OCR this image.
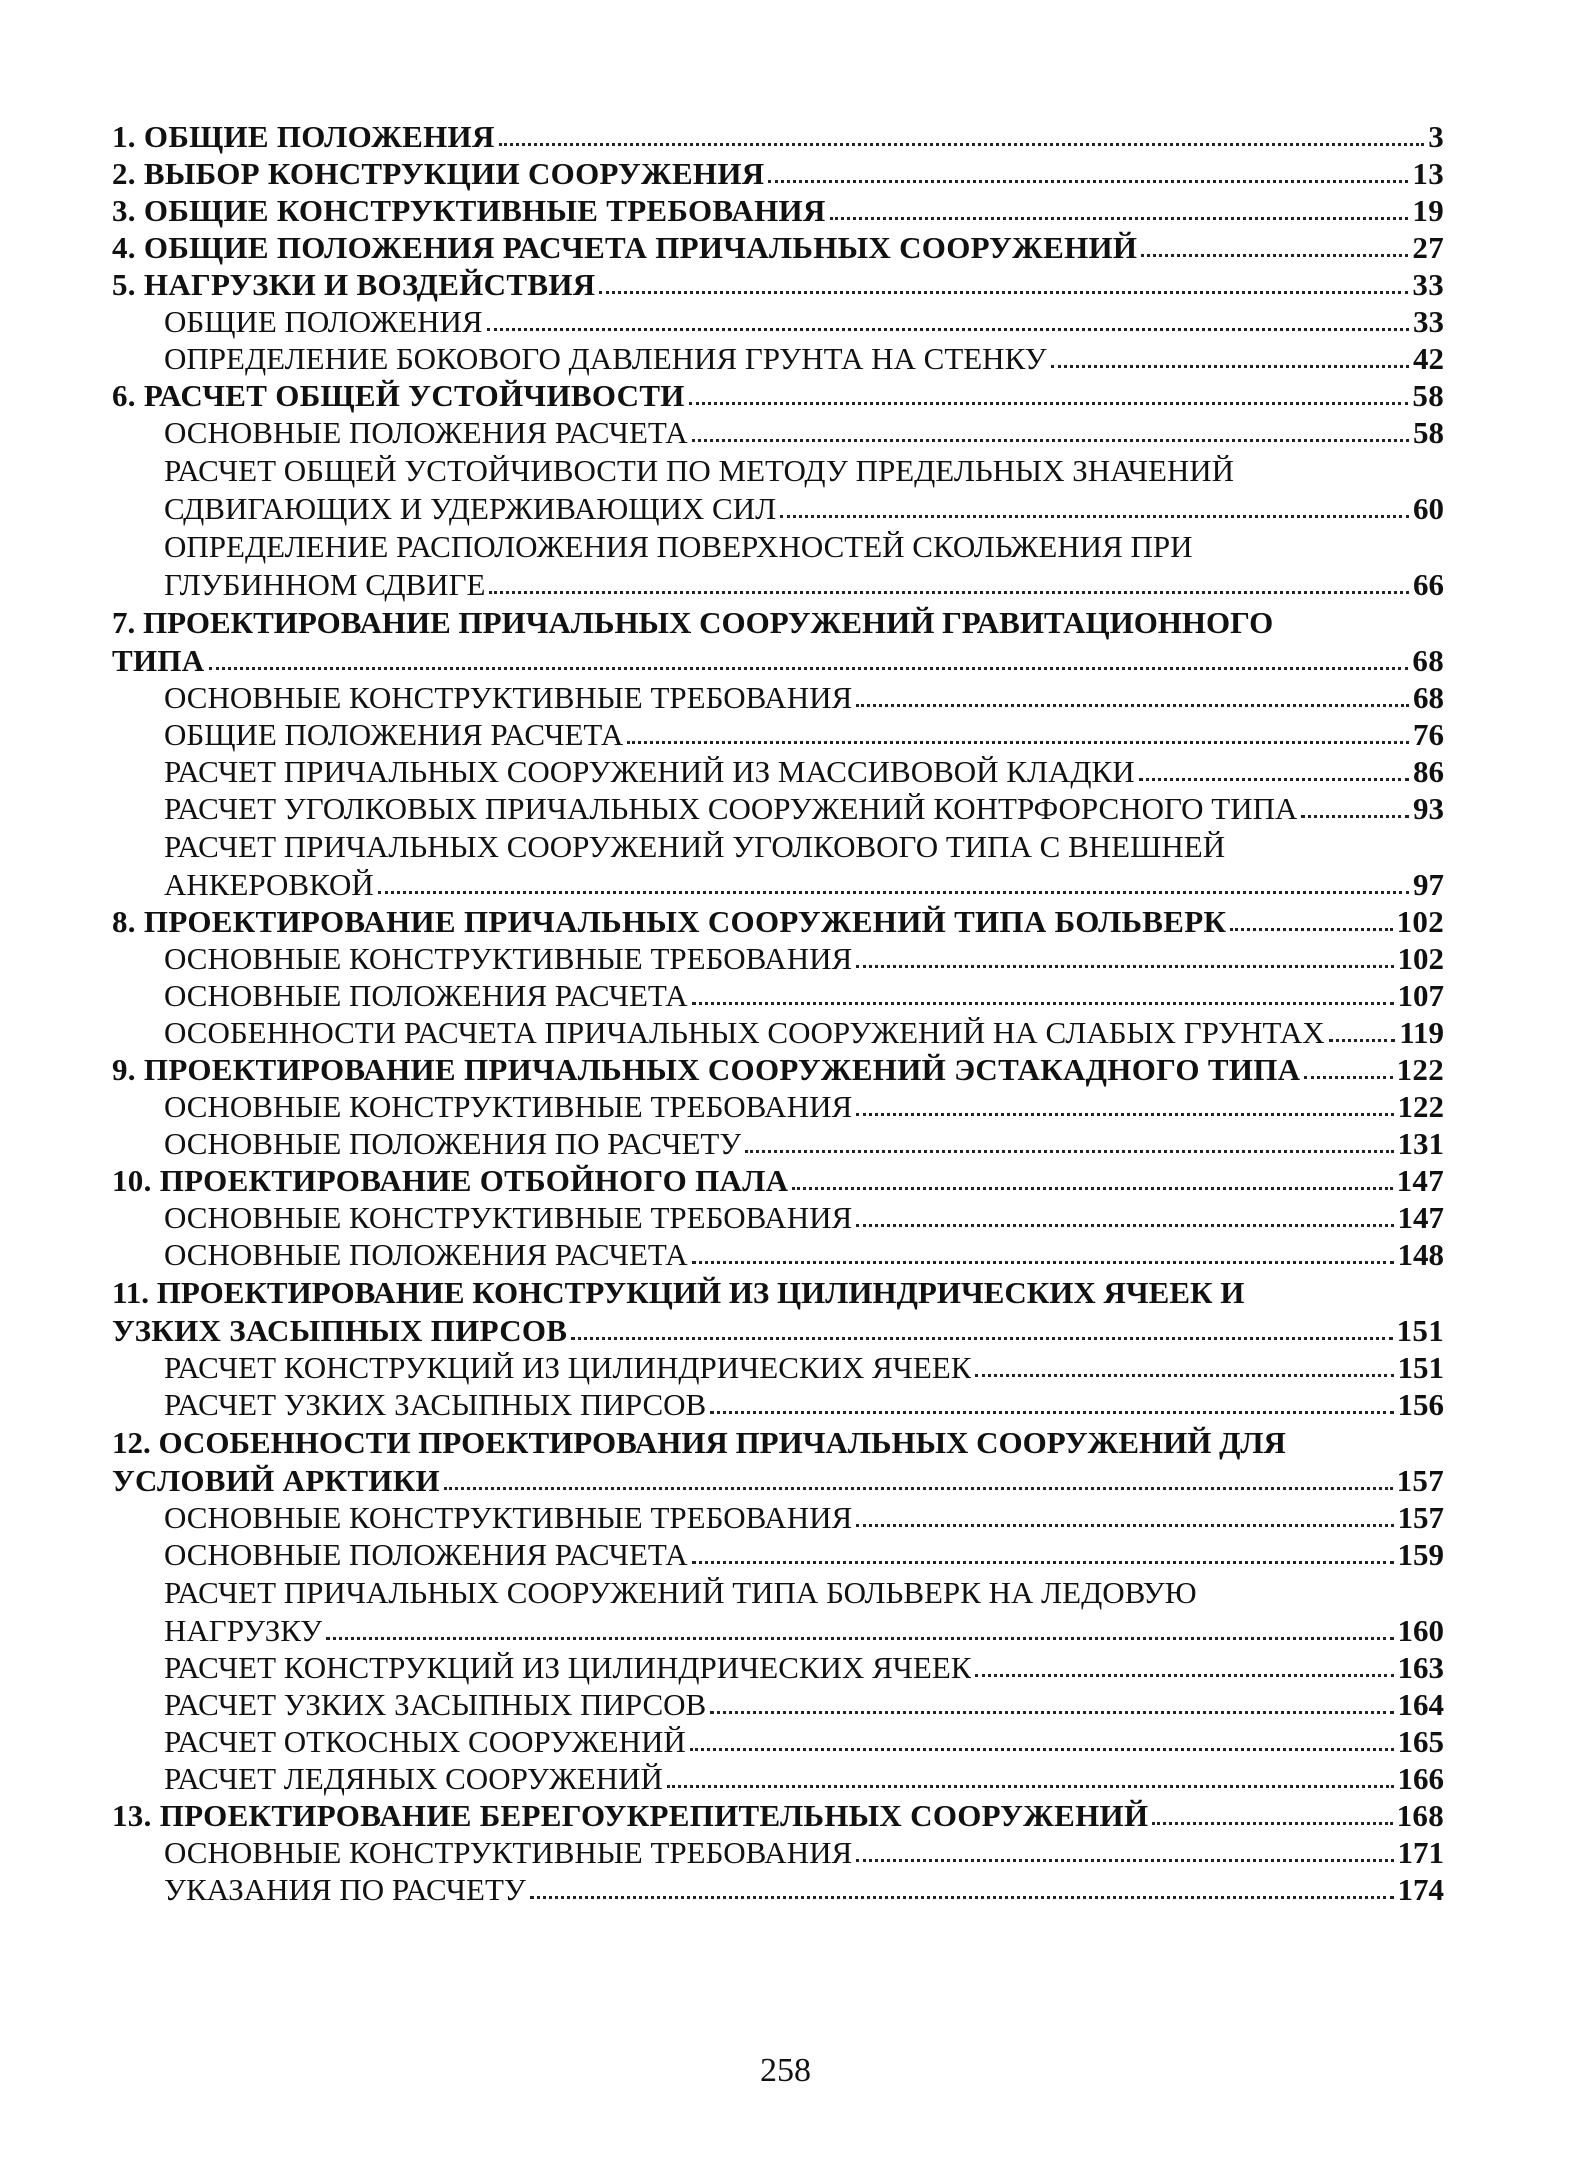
1. ОБЩИЕ ПОЛОЖЕНИЯ	3
2. ВЫБОР КОНСТРУКЦИИ СООРУЖЕНИЯ	13
3. ОБЩИЕ КОНСТРУКТИВНЫЕ ТРЕБОВАНИЯ	19
4. ОБЩИЕ ПОЛОЖЕНИЯ РАСЧЕТА ПРИЧАЛЬНЫХ СООРУЖЕНИЙ	27
5. НАГРУЗКИ И ВОЗДЕЙСТВИЯ	33
ОБЩИЕ ПОЛОЖЕНИЯ	33
ОПРЕДЕЛЕНИЕ БОКОВОГО ДАВЛЕНИЯ ГРУНТА НА СТЕНКУ	42
6. РАСЧЕТ ОБЩЕЙ УСТОЙЧИВОСТИ	58
ОСНОВНЫЕ ПОЛОЖЕНИЯ РАСЧЕТА	58
РАСЧЕТ ОБЩЕЙ УСТОЙЧИВОСТИ ПО МЕТОДУ ПРЕДЕЛЬНЫХ ЗНАЧЕНИЙ
СДВИГАЮЩИХ И УДЕРЖИВАЮЩИХ СИЛ	60
ОПРЕДЕЛЕНИЕ РАСПОЛОЖЕНИЯ ПОВЕРХНОСТЕЙ СКОЛЬЖЕНИЯ ПРИ
ГЛУБИННОМ СДВИГЕ	66
7. ПРОЕКТИРОВАНИЕ ПРИЧАЛЬНЫХ СООРУЖЕНИЙ ГРАВИТАЦИОННОГО
ТИПА	68
ОСНОВНЫЕ КОНСТРУКТИВНЫЕ ТРЕБОВАНИЯ	68
ОБЩИЕ ПОЛОЖЕНИЯ РАСЧЕТА	76
РАСЧЕТ ПРИЧАЛЬНЫХ СООРУЖЕНИЙ ИЗ МАССИВОВОЙ КЛАДКИ	86
РАСЧЕТ УГОЛКОВЫХ ПРИЧАЛЬНЫХ СООРУЖЕНИЙ КОНТРФОРСНОГО ТИПА	93
РАСЧЕТ ПРИЧАЛЬНЫХ СООРУЖЕНИЙ УГОЛКОВОГО ТИПА С ВНЕШНЕЙ
АНКЕРОВКОЙ	97
8. ПРОЕКТИРОВАНИЕ ПРИЧАЛЬНЫХ СООРУЖЕНИЙ ТИПА БОЛЬВЕРК	102
ОСНОВНЫЕ КОНСТРУКТИВНЫЕ ТРЕБОВАНИЯ	102
ОСНОВНЫЕ ПОЛОЖЕНИЯ РАСЧЕТА	107
ОСОБЕННОСТИ РАСЧЕТА ПРИЧАЛЬНЫХ СООРУЖЕНИЙ НА СЛАБЫХ ГРУНТАХ 119
9. ПРОЕКТИРОВАНИЕ ПРИЧАЛЬНЫХ СООРУЖЕНИЙ ЭСТАКАДНОГО ТИПА	122
ОСНОВНЫЕ КОНСТРУКТИВНЫЕ ТРЕБОВАНИЯ	122
ОСНОВНЫЕ ПОЛОЖЕНИЯ ПО РАСЧЕТУ	131
10. ПРОЕКТИРОВАНИЕ ОТБОЙНОГО ПАЛА	147
ОСНОВНЫЕ КОНСТРУКТИВНЫЕ ТРЕБОВАНИЯ	147
ОСНОВНЫЕ ПОЛОЖЕНИЯ РАСЧЕТА	148
11. ПРОЕКТИРОВАНИЕ КОНСТРУКЦИЙ ИЗ ЦИЛИНДРИЧЕСКИХ ЯЧЕЕК И
УЗКИХ ЗАСЫПНЫХ ПИРСОВ	151
РАСЧЕТ КОНСТРУКЦИЙ ИЗ ЦИЛИНДРИЧЕСКИХ ЯЧЕЕК	151
РАСЧЕТ УЗКИХ ЗАСЫПНЫХ ПИРСОВ	156
12. ОСОБЕННОСТИ ПРОЕКТИРОВАНИЯ ПРИЧАЛЬНЫХ СООРУЖЕНИЙ ДЛЯ
УСЛОВИЙ АРКТИКИ	157
ОСНОВНЫЕ КОНСТРУКТИВНЫЕ ТРЕБОВАНИЯ	157
ОСНОВНЫЕ ПОЛОЖЕНИЯ РАСЧЕТА	159
РАСЧЕТ ПРИЧАЛЬНЫХ СООРУЖЕНИЙ ТИПА БОЛЬВЕРК НА ЛЕДОВУЮ
НАГРУЗКУ	160
РАСЧЕТ КОНСТРУКЦИЙ ИЗ ЦИЛИНДРИЧЕСКИХ ЯЧЕЕК	163
РАСЧЕТ УЗКИХ ЗАСЫПНЫХ ПИРСОВ	164
РАСЧЕТ ОТКОСНЫХ СООРУЖЕНИЙ	165
РАСЧЕТ ЛЕДЯНЫХ СООРУЖЕНИЙ	166
13. ПРОЕКТИРОВАНИЕ БЕРЕГОУКРЕПИТЕЛЬНЫХ СООРУЖЕНИЙ	168
ОСНОВНЫЕ КОНСТРУКТИВНЫЕ ТРЕБОВАНИЯ	171
УКАЗАНИЯ ПО РАСЧЕТУ	174
258
